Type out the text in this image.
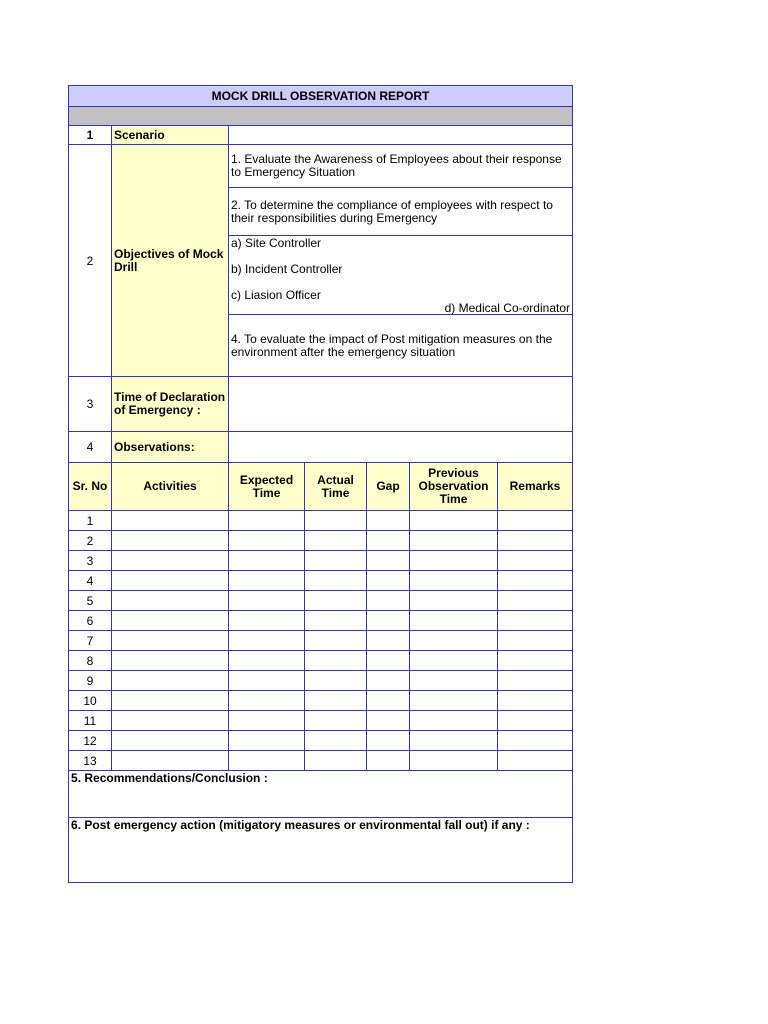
MOCK DRILL OBSERVATION REPORT

1	Scenario	
2	Objectives of Mock Drill	
1. Evaluate the Awareness of Employees about their response to Emergency Situation
2. To determine the compliance of employees with respect to their responsibilities during Emergency

a) Site Controller
b) Incident Controller
c) Liasion Officer
d) Medical Co-ordinator

4. To evaluate the impact of Post mitigation measures on the environment after the emergency situation

3	Time of Declaration of Emergency :	
4	Observations:	
Sr. No	Activities	Expected Time	Actual Time	Gap	Previous Observation Time	Remarks
1						
2						
3						
4						
5						
6						
7						
8						
9						
10						
11						
12						
13						
5. Recommendations/Conclusion :
6. Post emergency action (mitigatory measures or environmental fall out) if any :
